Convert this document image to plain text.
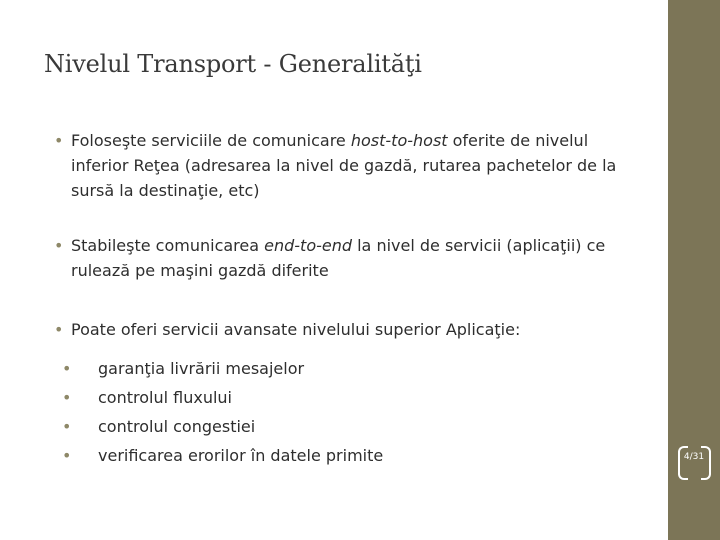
Nivelul Transport - Generalităţi

• Foloseşte serviciile de comunicare host-to-host oferite de nivelul inferior Reţea (adresarea la nivel de gazdă, rutarea pachetelor de la sursă la destinaţie, etc)

• Stabileşte comunicarea end-to-end la nivel de servicii (aplicaţii) ce rulează pe maşini gazdă diferite

• Poate oferi servicii avansate nivelului superior Aplicaţie:

• garanţia livrării mesajelor
• controlul fluxului
• controlul congestiei
• verificarea erorilor în datele primite	4/31
